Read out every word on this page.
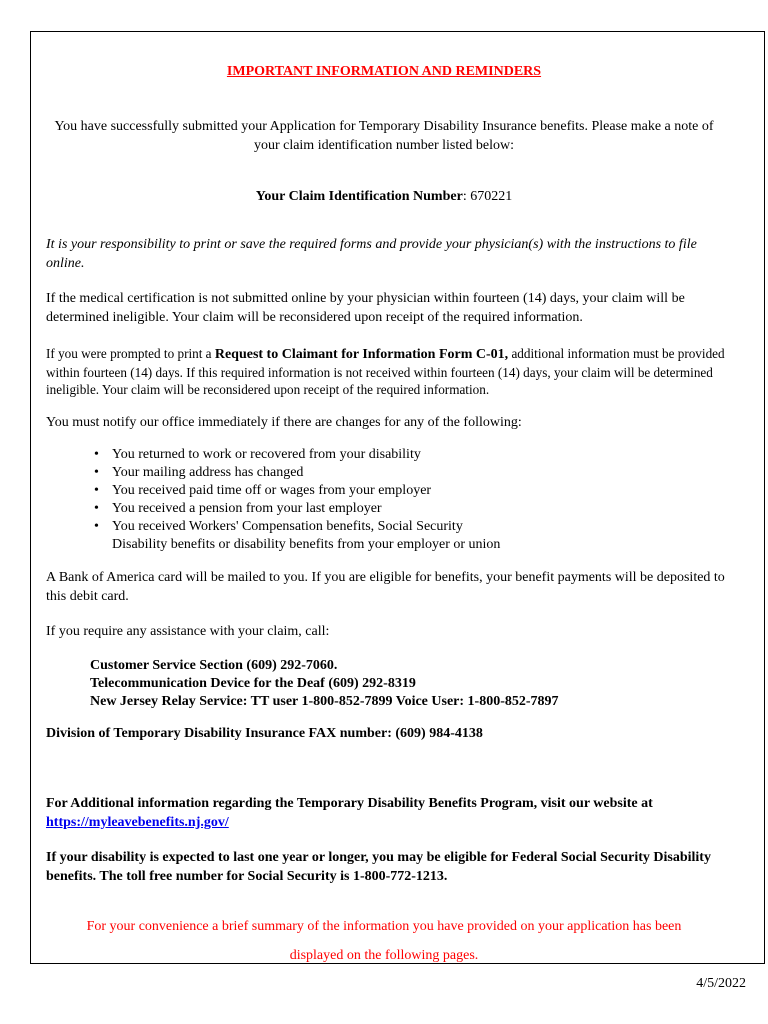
IMPORTANT INFORMATION AND REMINDERS

You have successfully submitted your Application for Temporary Disability Insurance benefits. Please make a note of your claim identification number listed below:

Your Claim Identification Number: 670221

It is your responsibility to print or save the required forms and provide your physician(s) with the instructions to file online.

If the medical certification is not submitted online by your physician within fourteen (14) days, your claim will be determined ineligible. Your claim will be reconsidered upon receipt of the required information.

If you were prompted to print a Request to Claimant for Information Form C-01, additional information must be provided within fourteen (14) days. If this required information is not received within fourteen (14) days, your claim will be determined ineligible. Your claim will be reconsidered upon receipt of the required information.

You must notify our office immediately if there are changes for any of the following:

• You returned to work or recovered from your disability
• Your mailing address has changed
• You received paid time off or wages from your employer
• You received a pension from your last employer
• You received Workers' Compensation benefits, Social Security
Disability benefits or disability benefits from your employer or union

A Bank of America card will be mailed to you. If you are eligible for benefits, your benefit payments will be deposited to this debit card.

If you require any assistance with your claim, call:

Customer Service Section (609) 292-7060.
Telecommunication Device for the Deaf (609) 292-8319
New Jersey Relay Service: TT user 1-800-852-7899 Voice User: 1-800-852-7897

Division of Temporary Disability Insurance FAX number: (609) 984-4138

For Additional information regarding the Temporary Disability Benefits Program, visit our website at
https://myleavebenefits.nj.gov/

If your disability is expected to last one year or longer, you may be eligible for Federal Social Security Disability benefits. The toll free number for Social Security is 1-800-772-1213.

For your convenience a brief summary of the information you have provided on your application has been

displayed on the following pages.

4/5/2022
